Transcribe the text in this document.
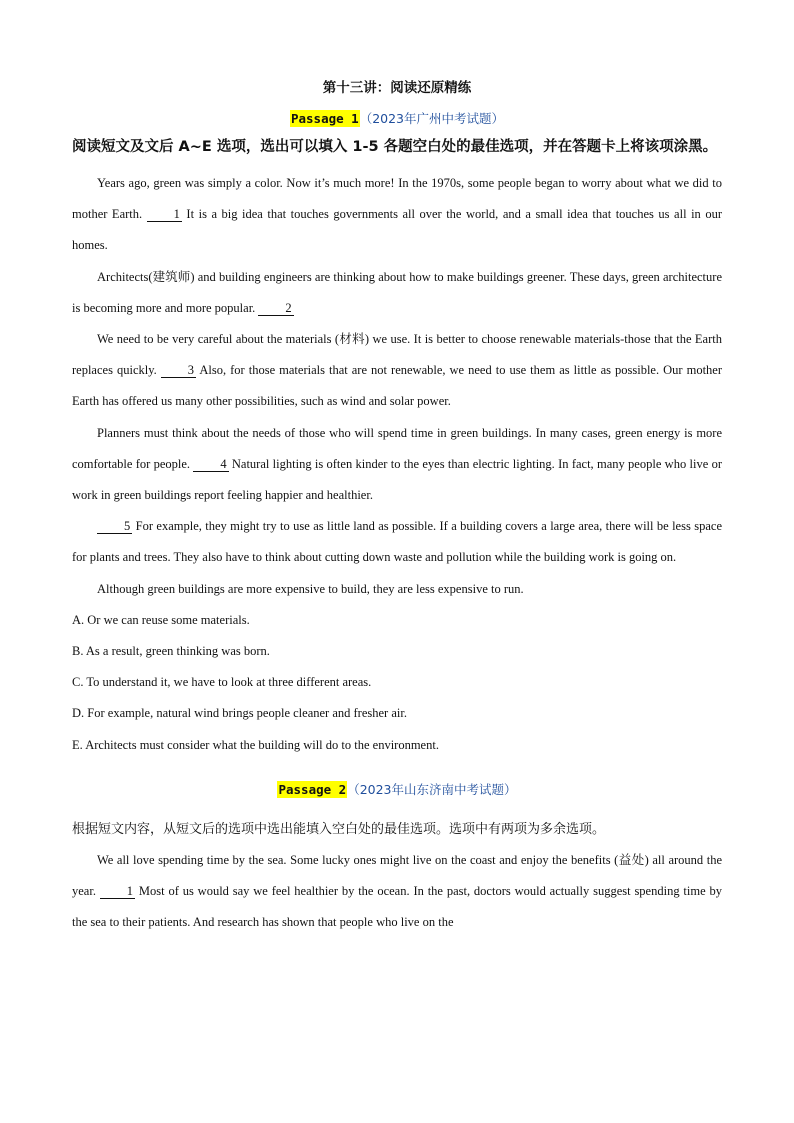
第十三讲：阅读还原精练
Passage 1（2023年广州中考试题）
阅读短文及文后 A~E 选项，选出可以填入 1-5 各题空白处的最佳选项，并在答题卡上将该项涂黑。

Years ago, green was simply a color. Now it’s much more! In the 1970s, some people began to worry about what we did to mother Earth. 1 It is a big idea that touches governments all over the world, and a small idea that touches us all in our homes.

Architects(建筑师) and building engineers are thinking about how to make buildings greener. These days, green architecture is becoming more and more popular. 2

We need to be very careful about the materials (材料) we use. It is better to choose renewable materials-those that the Earth replaces quickly. 3 Also, for those materials that are not renewable, we need to use them as little as possible. Our mother Earth has offered us many other possibilities, such as wind and solar power.

Planners must think about the needs of those who will spend time in green buildings. In many cases, green energy is more comfortable for people. 4 Natural lighting is often kinder to the eyes than electric lighting. In fact, many people who live or work in green buildings report feeling happier and healthier.

5 For example, they might try to use as little land as possible. If a building covers a large area, there will be less space for plants and trees. They also have to think about cutting down waste and pollution while the building work is going on.

Although green buildings are more expensive to build, they are less expensive to run.

A. Or we can reuse some materials.

B. As a result, green thinking was born.

C. To understand it, we have to look at three different areas.

D. For example, natural wind brings people cleaner and fresher air.

E. Architects must consider what the building will do to the environment.

Passage 2（2023年山东济南中考试题）
根据短文内容，从短文后的选项中选出能填入空白处的最佳选项。选项中有两项为多余选项。

We all love spending time by the sea. Some lucky ones might live on the coast and enjoy the benefits (益处) all around the year. 1 Most of us would say we feel healthier by the ocean. In the past, doctors would actually suggest spending time by the sea to their patients. And research has shown that people who live on the
